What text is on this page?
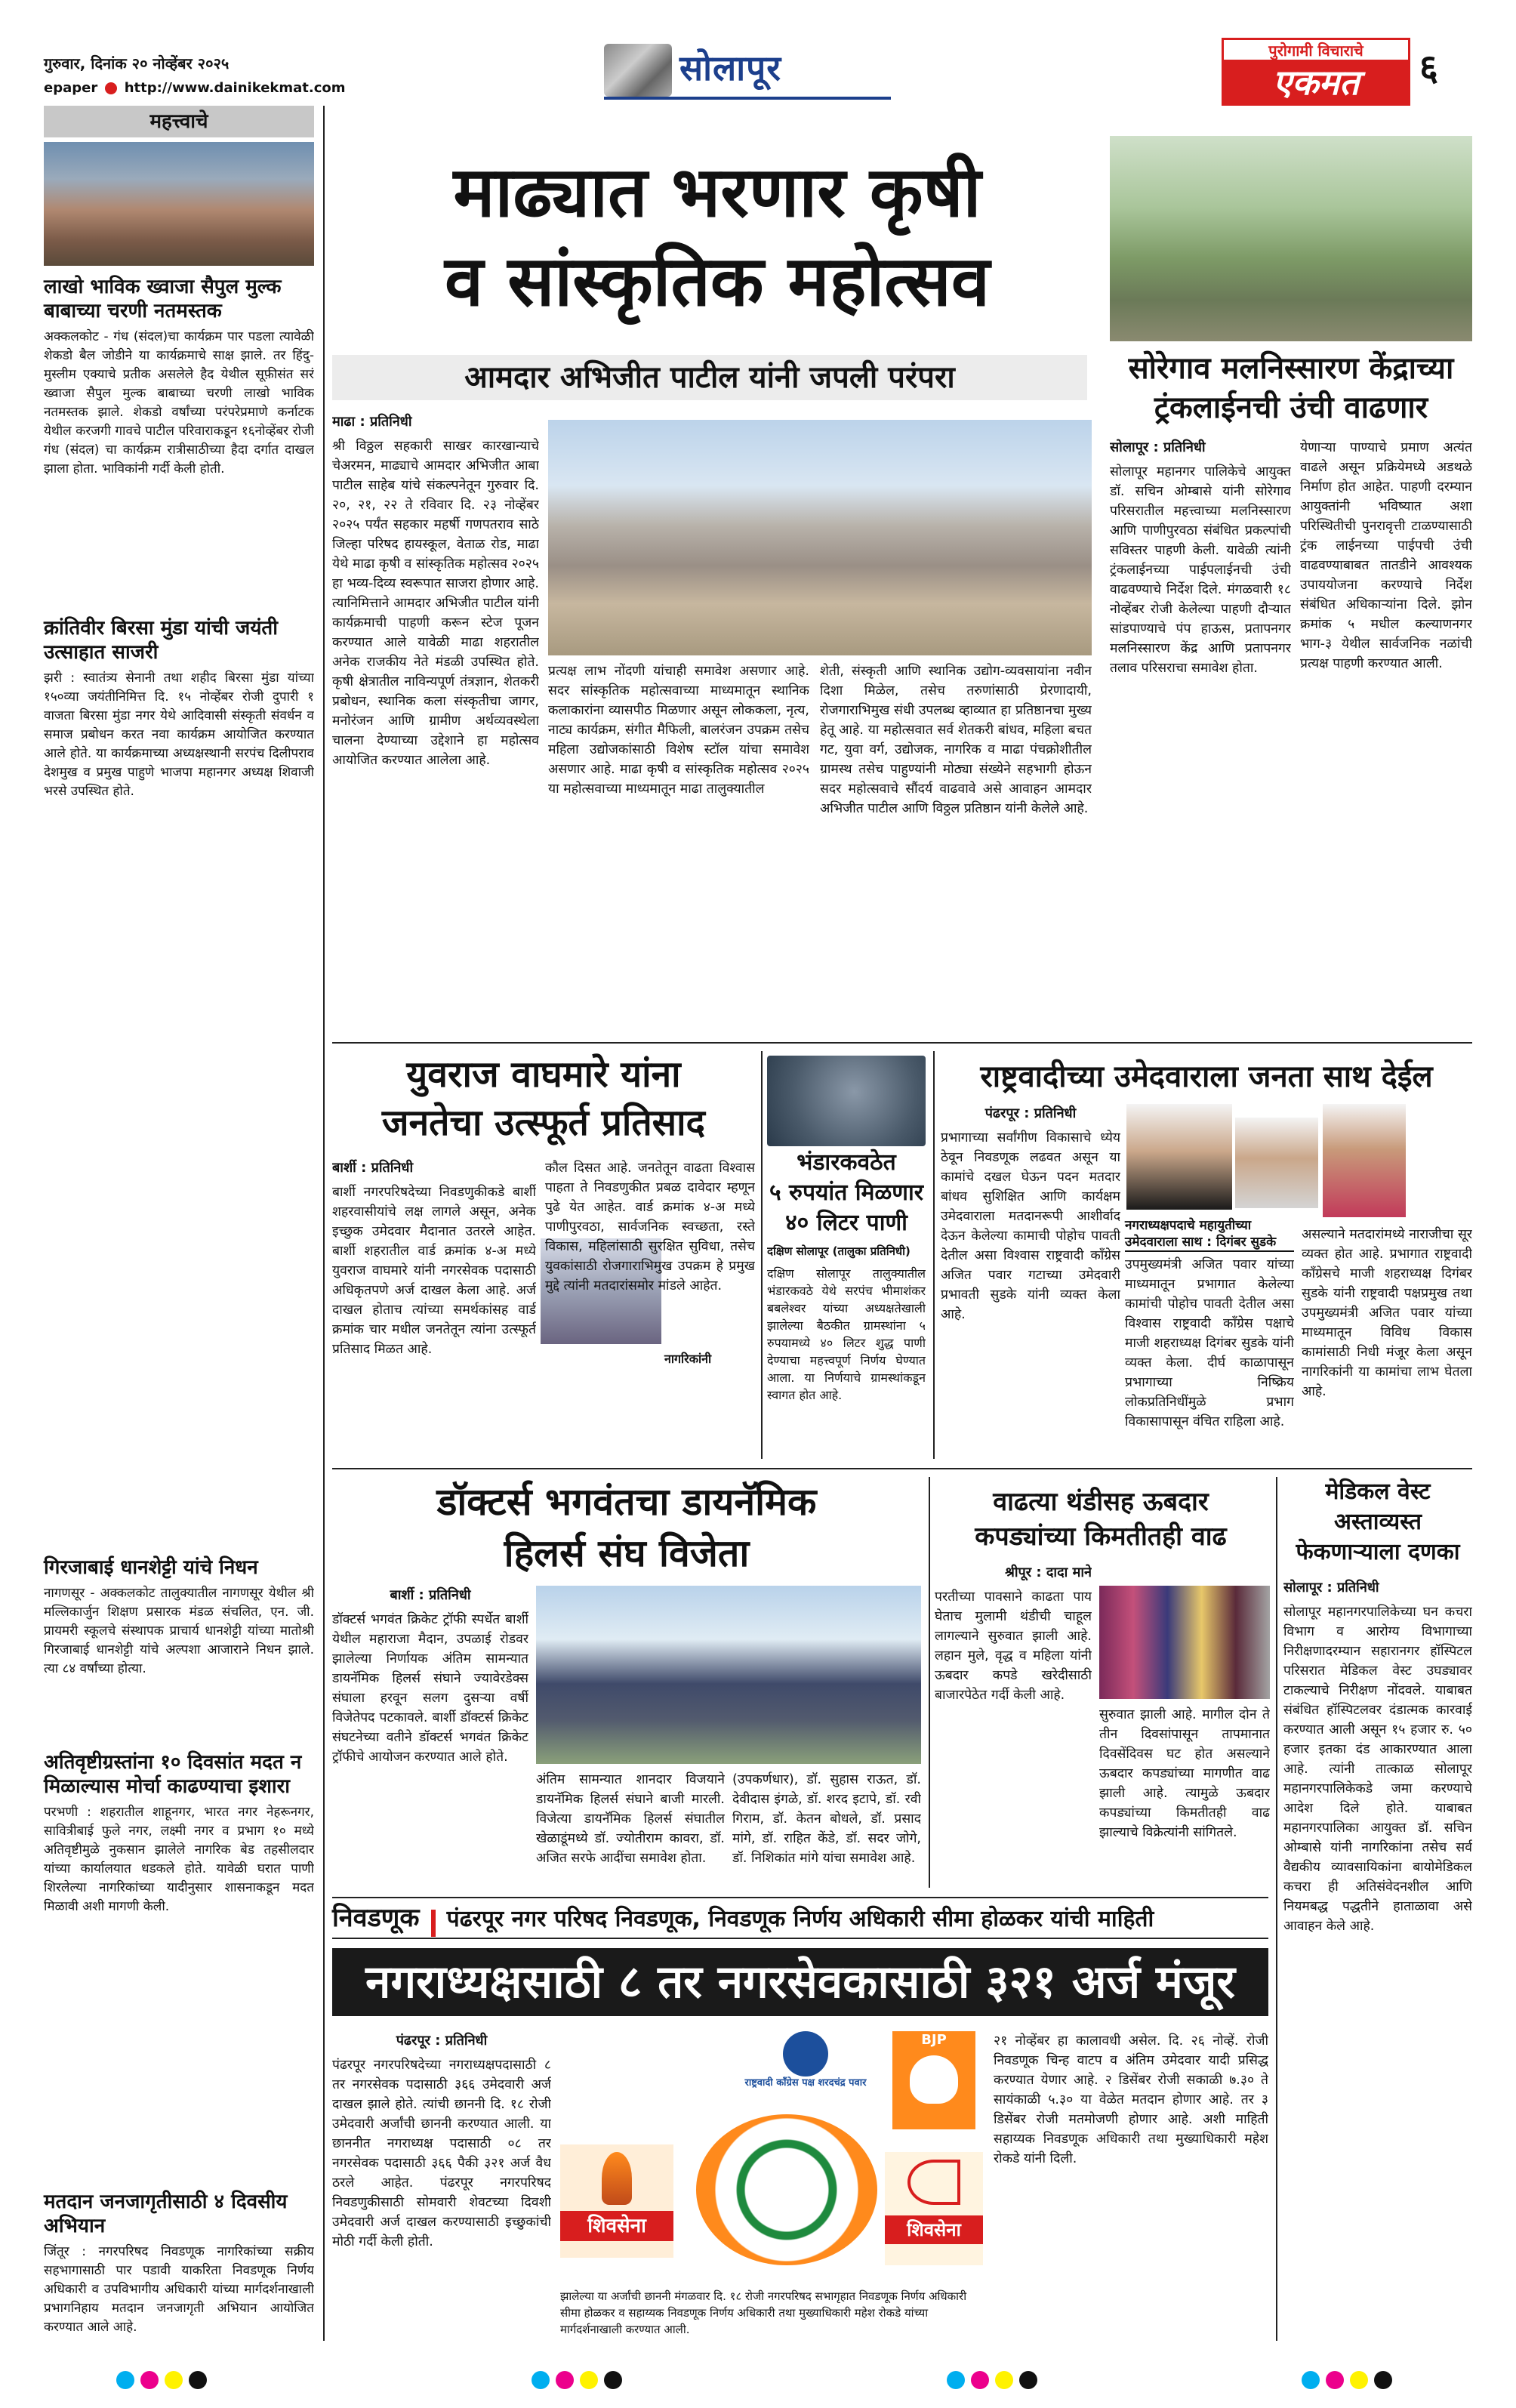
गुरुवार, दिनांक २० नोव्हेंबर २०२५
epaper http://www.dainikekmat.com	सोलापूर	पुरोगामी विचाराचे
एकमत	६
महत्त्वाचे
लाखो भाविक ख्वाजा सैपुल मुल्क बाबाच्या चरणी नतमस्तक
अक्कलकोट - गंध (संदल)चा कार्यक्रम पार पडला त्यावेळी शेकडो बैल जोडीने या कार्यक्रमाचे साक्ष झाले. तर हिंदु-मुस्लीम एक्याचे प्रतीक असलेले हैद येथील सूफ़ीसंत सरं ख्वाजा सैपुल मुल्क बाबाच्या चरणी लाखो भाविक नतमस्तक झाले. शेकडो वर्षांच्या परंपरेप्रमाणे कर्नाटक येथील करजगी गावचे पाटील परिवाराकडून १६नोव्हेंबर रोजी गंध (संदल) चा कार्यक्रम रात्रीसाठीच्या हैदा दर्गात दाखल झाला होता. भाविकांनी गर्दी केली होती.
क्रांतिवीर बिरसा मुंडा यांची जयंती उत्साहात साजरी
झरी : स्वातंत्र्य सेनानी तथा शहीद बिरसा मुंडा यांच्या १५०व्या जयंतीनिमित्त दि. १५ नोव्हेंबर रोजी दुपारी १ वाजता बिरसा मुंडा नगर येथे आदिवासी संस्कृती संवर्धन व समाज प्रबोधन करत नवा कार्यक्रम आयोजित करण्यात आले होते. या कार्यक्रमाच्या अध्यक्षस्थानी सरपंच दिलीपराव देशमुख व प्रमुख पाहुणे भाजपा महानगर अध्यक्ष शिवाजी भरसे उपस्थित होते.
गिरजाबाई धानशेट्टी यांचे निधन
नागणसूर - अक्कलकोट तालुक्यातील नागणसूर येथील श्री मल्लिकार्जुन शिक्षण प्रसारक मंडळ संचलित, एन. जी. प्रायमरी स्कूलचे संस्थापक प्राचार्य धानशेट्टी यांच्या मातोश्री गिरजाबाई धानशेट्टी यांचे अल्पशा आजाराने निधन झाले. त्या ८४ वर्षांच्या होत्या.
अतिवृष्टीग्रस्तांना १० दिवसांत मदत न मिळाल्यास मोर्चा काढण्याचा इशारा
परभणी : शहरातील शाहूनगर, भारत नगर नेहरूनगर, सावित्रीबाई फुले नगर, लक्ष्मी नगर व प्रभाग १० मध्ये अतिवृष्टीमुळे नुकसान झालेले नागरिक बेड तहसीलदार यांच्या कार्यालयात धडकले होते. यावेळी घरात पाणी शिरलेल्या नागरिकांच्या यादीनुसार शासनाकडून मदत मिळावी अशी मागणी केली.
मतदान जनजागृतीसाठी ४ दिवसीय अभियान
जिंतूर : नगरपरिषद निवडणूक नागरिकांच्या सक्रीय सहभागासाठी पार पडावी याकरिता निवडणूक निर्णय अधिकारी व उपविभागीय अधिकारी यांच्या मार्गदर्शनाखाली प्रभागनिहाय मतदान जनजागृती अभियान आयोजित करण्यात आले आहे.
माढ्यात भरणार कृषी
व सांस्कृतिक महोत्सव
आमदार अभिजीत पाटील यांनी जपली परंपरा
माढा : प्रतिनिधी

श्री विठ्ठल सहकारी साखर कारखान्याचे चेअरमन, माढ्याचे आमदार अभिजीत आबा पाटील साहेब यांचे संकल्पनेतून गुरुवार दि. २०, २१, २२ ते रविवार दि. २३ नोव्हेंबर २०२५ पर्यंत सहकार महर्षी गणपतराव साठे जिल्हा परिषद हायस्कूल, वेताळ रोड, माढा येथे माढा कृषी व सांस्कृतिक महोत्सव २०२५ हा भव्य-दिव्य स्वरूपात साजरा होणार आहे. त्यानिमित्ताने आमदार अभिजीत पाटील यांनी कार्यक्रमाची पाहणी करून स्टेज पूजन करण्यात आले यावेळी माढा शहरातील अनेक राजकीय नेते मंडळी उपस्थित होते. कृषी क्षेत्रातील नाविन्यपूर्ण तंत्रज्ञान, शेतकरी प्रबोधन, स्थानिक कला संस्कृतीचा जागर, मनोरंजन आणि ग्रामीण अर्थव्यवस्थेला चालना देण्याच्या उद्देशाने हा महोत्सव आयोजित करण्यात आलेला आहे.

प्रत्यक्ष लाभ नोंदणी यांचाही समावेश असणार आहे. सदर सांस्कृतिक महोत्सवाच्या माध्यमातून स्थानिक कलाकारांना व्यासपीठ मिळणार असून लोककला, नृत्य, नाट्य कार्यक्रम, संगीत मैफिली, बालरंजन उपक्रम तसेच महिला उद्योजकांसाठी विशेष स्टॉल यांचा समावेश असणार आहे. माढा कृषी व सांस्कृतिक महोत्सव २०२५ या महोत्सवाच्या माध्यमातून माढा तालुक्यातील

शेती, संस्कृती आणि स्थानिक उद्योग-व्यवसायांना नवीन दिशा मिळेल, तसेच तरुणांसाठी प्रेरणादायी, रोजगाराभिमुख संधी उपलब्ध व्हाव्यात हा प्रतिष्ठानचा मुख्य हेतू आहे. या महोत्सवात सर्व शेतकरी बांधव, महिला बचत गट, युवा वर्ग, उद्योजक, नागरिक व माढा पंचक्रोशीतील ग्रामस्थ तसेच पाहुण्यांनी मोठ्या संख्येने सहभागी होऊन सदर महोत्सवाचे सौंदर्य वाढवावे असे आवाहन आमदार अभिजीत पाटील आणि विठ्ठल प्रतिष्ठान यांनी केलेले आहे.

सोरेगाव मलनिस्सारण केंद्राच्या
ट्रंकलाईनची उंची वाढणार
सोलापूर : प्रतिनिधी

सोलापूर महानगर पालिकेचे आयुक्त डॉ. सचिन ओम्बासे यांनी सोरेगाव परिसरातील महत्त्वाच्या मलनिस्सारण आणि पाणीपुरवठा संबंधित प्रकल्पांची सविस्तर पाहणी केली. यावेळी त्यांनी ट्रंकलाईनच्या पाईपलाईनची उंची वाढवण्याचे निर्देश दिले. मंगळवारी १८ नोव्हेंबर रोजी केलेल्या पाहणी दौऱ्यात सांडपाण्याचे पंप हाऊस, प्रतापनगर मलनिस्सारण केंद्र आणि प्रतापनगर तलाव परिसराचा समावेश होता.

येणाऱ्या पाण्याचे प्रमाण अत्यंत वाढले असून प्रक्रियेमध्ये अडथळे निर्माण होत आहेत. पाहणी दरम्यान आयुक्तांनी भविष्यात अशा परिस्थितीची पुनरावृत्ती टाळण्यासाठी ट्रंक लाईनच्या पाईपची उंची वाढवण्याबाबत तातडीने आवश्यक उपाययोजना करण्याचे निर्देश संबंधित अधिकाऱ्यांना दिले. झोन क्रमांक ५ मधील कल्याणनगर भाग-३ येथील सार्वजनिक नळांची प्रत्यक्ष पाहणी करण्यात आली.

युवराज वाघमारे यांना
जनतेचा उत्स्फूर्त प्रतिसाद
बार्शी : प्रतिनिधी

बार्शी नगरपरिषदेच्या निवडणुकीकडे बार्शी शहरवासीयांचे लक्ष लागले असून, अनेक इच्छुक उमेदवार मैदानात उतरले आहेत. बार्शी शहरातील वार्ड क्रमांक ४-अ मध्ये युवराज वाघमारे यांनी नगरसेवक पदासाठी अधिकृतपणे अर्ज दाखल केला आहे. अर्ज दाखल होताच त्यांच्या समर्थकांसह वार्ड क्रमांक चार मधील जनतेतून त्यांना उत्स्फूर्त प्रतिसाद मिळत आहे.

नागरिकांनी

कौल दिसत आहे. जनतेतून वाढता विश्वास पाहता ते निवडणुकीत प्रबळ दावेदार म्हणून पुढे येत आहेत. वार्ड क्रमांक ४-अ मध्ये पाणीपुरवठा, सार्वजनिक स्वच्छता, रस्ते विकास, महिलांसाठी सुरक्षित सुविधा, तसेच युवकांसाठी रोजगाराभिमुख उपक्रम हे प्रमुख मुद्दे त्यांनी मतदारांसमोर मांडले आहेत.

भंडारकवठेत
५ रुपयांत मिळणार
४० लिटर पाणी
दक्षिण सोलापूर (तालुका प्रतिनिधी)

दक्षिण सोलापूर तालुक्यातील भंडारकवठे येथे सरपंच भीमाशंकर बबलेश्वर यांच्या अध्यक्षतेखाली झालेल्या बैठकीत ग्रामस्थांना ५ रुपयामध्ये ४० लिटर शुद्ध पाणी देण्याचा महत्त्वपूर्ण निर्णय घेण्यात आला. या निर्णयाचे ग्रामस्थांकडून स्वागत होत आहे.

राष्ट्रवादीच्या उमेदवाराला जनता साथ देईल
पंढरपूर : प्रतिनिधी

प्रभागाच्या सर्वांगीण विकासाचे ध्येय ठेवून निवडणूक लढवत असून या कामांचे दखल घेऊन पदन मतदार बांधव सुशिक्षित आणि कार्यक्षम उमेदवाराला मतदानरूपी आशीर्वाद देऊन केलेल्या कामाची पोहोच पावती देतील असा विश्वास राष्ट्रवादी काँग्रेस अजित पवार गटाच्या उमेदवारी प्रभावती सुडके यांनी व्यक्त केला आहे.

नगराध्यक्षपदाचे महायुतीच्या
उमेदवाराला साथ : दिगंबर सुडके

उपमुख्यमंत्री अजित पवार यांच्या माध्यमातून प्रभागात केलेल्या कामांची पोहोच पावती देतील असा विश्वास राष्ट्रवादी काँग्रेस पक्षाचे माजी शहराध्यक्ष दिगंबर सुडके यांनी व्यक्त केला. दीर्घ काळापासून प्रभागाच्या निष्क्रिय लोकप्रतिनिधींमुळे प्रभाग विकासापासून वंचित राहिला आहे.

असल्याने मतदारांमध्ये नाराजीचा सूर व्यक्त होत आहे. प्रभागात राष्ट्रवादी काँग्रेसचे माजी शहराध्यक्ष दिगंबर सुडके यांनी राष्ट्रवादी पक्षप्रमुख तथा उपमुख्यमंत्री अजित पवार यांच्या माध्यमातून विविध विकास कामांसाठी निधी मंजूर केला असून नागरिकांनी या कामांचा लाभ घेतला आहे.

डॉक्टर्स भगवंतचा डायनॅमिक
हिलर्स संघ विजेता
बार्शी : प्रतिनिधी

डॉक्टर्स भगवंत क्रिकेट ट्रॉफी स्पर्धेत बार्शी येथील महाराजा मैदान, उपळाई रोडवर झालेल्या निर्णायक अंतिम सामन्यात डायनॅमिक हिलर्स संघाने ज्यावेरडेक्स संघाला हरवून सलग दुसऱ्या वर्षी विजेतेपद पटकावले. बार्शी डॉक्टर्स क्रिकेट संघटनेच्या वतीने डॉक्टर्स भगवंत क्रिकेट ट्रॉफीचे आयोजन करण्यात आले होते.

अंतिम सामन्यात शानदार विजयाने डायनॅमिक हिलर्स संघाने बाजी मारली. विजेत्या डायनॅमिक हिलर्स संघातील खेळाडूंमध्ये डॉ. ज्योतीराम कावरा, डॉ. अजित सरफे आदींचा समावेश होता.

(उपकर्णधार), डॉ. सुहास राऊत, डॉ. देवीदास इंगळे, डॉ. शरद इटापे, डॉ. रवी गिराम, डॉ. केतन बोधले, डॉ. प्रसाद मांगे, डॉ. राहित केंडे, डॉ. सदर जोगे, डॉ. निशिकांत मांगे यांचा समावेश आहे.

वाढत्या थंडीसह ऊबदार
कपड्यांच्या किमतीतही वाढ
श्रीपूर : दादा माने

परतीच्या पावसाने काढता पाय घेताच मुलामी थंडीची चाहूल लागल्याने सुरुवात झाली आहे. लहान मुले, वृद्ध व महिला यांनी ऊबदार कपडे खरेदीसाठी बाजारपेठेत गर्दी केली आहे.

सुरुवात झाली आहे. मागील दोन ते तीन दिवसांपासून तापमानात दिवसेंदिवस घट होत असल्याने ऊबदार कपड्यांच्या मागणीत वाढ झाली आहे. त्यामुळे ऊबदार कपड्यांच्या किमतीतही वाढ झाल्याचे विक्रेत्यांनी सांगितले.

मेडिकल वेस्ट
अस्ताव्यस्त
फेकणाऱ्याला दणका
सोलापूर : प्रतिनिधी

सोलापूर महानगरपालिकेच्या घन कचरा विभाग व आरोग्य विभागाच्या निरीक्षणादरम्यान सहारानगर हॉस्पिटल परिसरात मेडिकल वेस्ट उघड्यावर टाकल्याचे निरीक्षण नोंदवले. याबाबत संबंधित हॉस्पिटलवर दंडात्मक कारवाई करण्यात आली असून १५ हजार रु. ५० हजार इतका दंड आकारण्यात आला आहे. त्यांनी तात्काळ सोलापूर महानगरपालिकेकडे जमा करण्याचे आदेश दिले होते. याबाबत महानगरपालिका आयुक्त डॉ. सचिन ओम्बासे यांनी नागरिकांना तसेच सर्व वैद्यकीय व्यावसायिकांना बायोमेडिकल कचरा ही अतिसंवेदनशील आणि नियमबद्ध पद्धतीने हाताळावा असे आवाहन केले आहे.

निवडणूक पंढरपूर नगर परिषद निवडणूक, निवडणूक निर्णय अधिकारी सीमा होळकर यांची माहिती
नगराध्यक्षसाठी ८ तर नगरसेवकासाठी ३२१ अर्ज मंजूर
पंढरपूर : प्रतिनिधी

पंढरपूर नगरपरिषदेच्या नगराध्यक्षपदासाठी ८ तर नगरसेवक पदासाठी ३६६ उमेदवारी अर्ज दाखल झाले होते. त्यांची छाननी दि. १८ रोजी उमेदवारी अर्जांची छाननी करण्यात आली. या छाननीत नगराध्यक्ष पदासाठी ०८ तर नगरसेवक पदासाठी ३६६ पैकी ३२१ अर्ज वैध ठरले आहेत. पंढरपूर नगरपरिषद निवडणुकीसाठी सोमवारी शेवटच्या दिवशी उमेदवारी अर्ज दाखल करण्यासाठी इच्छुकांची मोठी गर्दी केली होती.

राष्ट्रवादी काँग्रेस पक्ष शरदचंद्र पवार
BJP
शिवसेना	शिवसेना
झालेल्या या अर्जांची छाननी मंगळवार दि. १८ रोजी नगरपरिषद सभागृहात निवडणूक निर्णय अधिकारी सीमा होळकर व सहाय्यक निवडणूक निर्णय अधिकारी तथा मुख्याधिकारी महेश रोकडे यांच्या मार्गदर्शनाखाली करण्यात आली.

२१ नोव्हेंबर हा कालावधी असेल. दि. २६ नोव्हें. रोजी निवडणूक चिन्ह वाटप व अंतिम उमेदवार यादी प्रसिद्ध करण्यात येणार आहे. २ डिसेंबर रोजी सकाळी ७.३० ते सायंकाळी ५.३० या वेळेत मतदान होणार आहे. तर ३ डिसेंबर रोजी मतमोजणी होणार आहे. अशी माहिती सहाय्यक निवडणूक अधिकारी तथा मुख्याधिकारी महेश रोकडे यांनी दिली.
